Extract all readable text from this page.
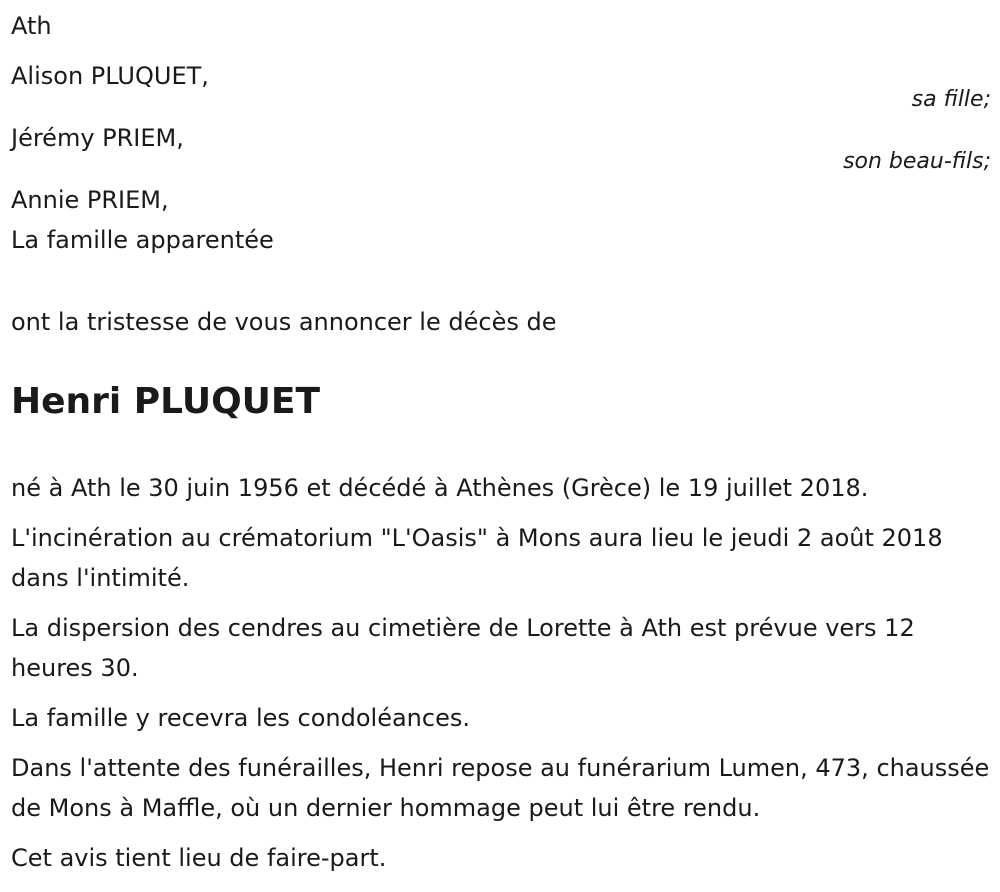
Ath
Alison PLUQUET,
sa fille;
Jérémy PRIEM,
son beau-fils;
Annie PRIEM,
La famille apparentée
ont la tristesse de vous annoncer le décès de
Henri PLUQUET

né à Ath le 30 juin 1956 et décédé à Athènes (Grèce) le 19 juillet 2018.

L'incinération au crématorium "L'Oasis" à Mons aura lieu le jeudi 2 août 2018 dans l'intimité.

La dispersion des cendres au cimetière de Lorette à Ath est prévue vers 12 heures 30.

La famille y recevra les condoléances.

Dans l'attente des funérailles, Henri repose au funérarium Lumen, 473, chaussée de Mons à Maffle, où un dernier hommage peut lui être rendu.

Cet avis tient lieu de faire-part.
